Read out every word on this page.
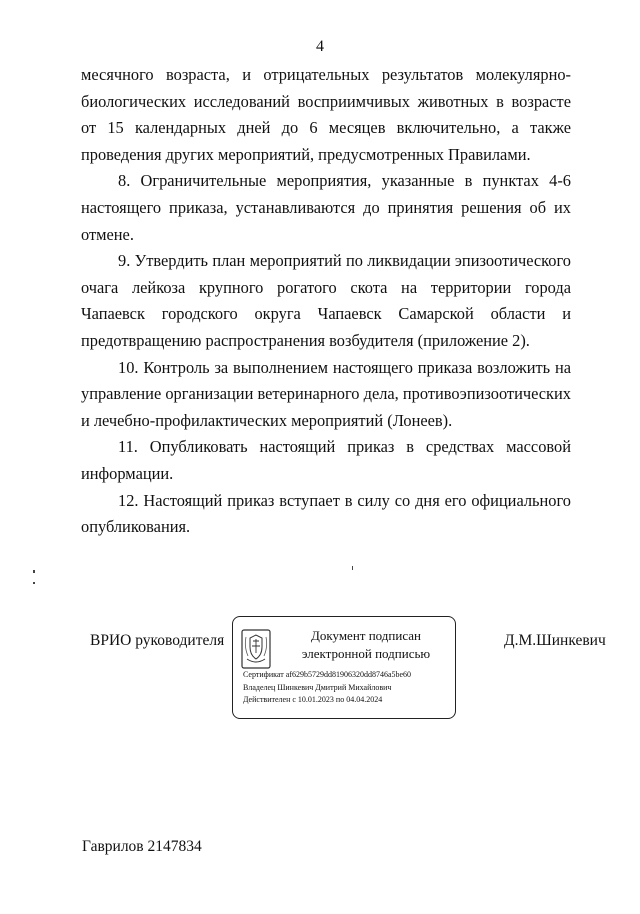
4

месячного возраста, и отрицательных результатов молекулярно-биологических исследований восприимчивых животных в возрасте от 15 календарных дней до 6 месяцев включительно, а также проведения других мероприятий, предусмотренных Правилами.

8. Ограничительные мероприятия, указанные в пунктах 4-6 настоящего приказа, устанавливаются до принятия решения об их отмене.

9. Утвердить план мероприятий по ликвидации эпизоотического очага лейкоза крупного рогатого скота на территории города Чапаевск городского округа Чапаевск Самарской области и предотвращению распространения возбудителя (приложение 2).

10. Контроль за выполнением настоящего приказа возложить на управление организации ветеринарного дела, противоэпизоотических и лечебно-профилактических мероприятий (Лонеев).

11. Опубликовать настоящий приказ в средствах массовой информации.

12. Настоящий приказ вступает в силу со дня его официального опубликования.

ВРИО руководителя	Документ подписан
электронной подписью
Сертификат af629b5729dd81906320dd8746a5be60
Владелец Шинкевич Дмитрий Михайлович
Действителен с 10.01.2023 по 04.04.2024
Д.М.Шинкевич
Гаврилов 2147834
